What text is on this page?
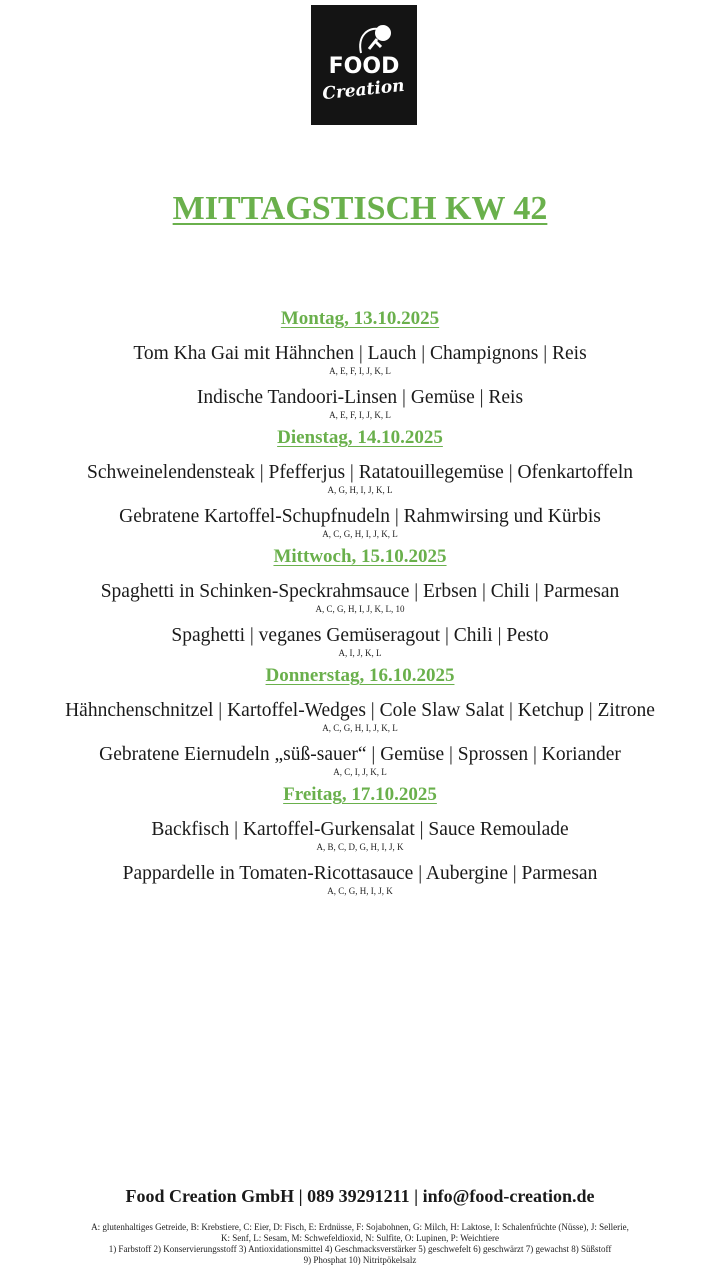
FOOD
Creation
MITTAGSTISCH KW 42
Montag, 13.10.2025
Tom Kha Gai mit Hähnchen | Lauch | Champignons | Reis
A, E, F, I, J, K, L
Indische Tandoori-Linsen | Gemüse | Reis
A, E, F, I, J, K, L
Dienstag, 14.10.2025
Schweinelendensteak | Pfefferjus | Ratatouillegemüse | Ofenkartoffeln
A, G, H, I, J, K, L
Gebratene Kartoffel-Schupfnudeln | Rahmwirsing und Kürbis
A, C, G, H, I, J, K, L
Mittwoch, 15.10.2025
Spaghetti in Schinken-Speckrahmsauce | Erbsen | Chili | Parmesan
A, C, G, H, I, J, K, L, 10
Spaghetti | veganes Gemüseragout | Chili | Pesto
A, I, J, K, L
Donnerstag, 16.10.2025
Hähnchenschnitzel | Kartoffel-Wedges | Cole Slaw Salat | Ketchup | Zitrone
A, C, G, H, I, J, K, L
Gebratene Eiernudeln „süß-sauer“ | Gemüse | Sprossen | Koriander
A, C, I, J, K, L
Freitag, 17.10.2025
Backfisch | Kartoffel-Gurkensalat | Sauce Remoulade
A, B, C, D, G, H, I, J, K
Pappardelle in Tomaten-Ricottasauce | Aubergine | Parmesan
A, C, G, H, I, J, K
Food Creation GmbH | 089 39291211 | info@food-creation.de
A: glutenhaltiges Getreide, B: Krebstiere, C: Eier, D: Fisch, E: Erdnüsse, F: Sojabohnen, G: Milch, H: Laktose, I: Schalenfrüchte (Nüsse), J: Sellerie,
K: Senf, L: Sesam, M: Schwefeldioxid, N: Sulfite, O: Lupinen, P: Weichtiere
1) Farbstoff 2) Konservierungsstoff 3) Antioxidationsmittel 4) Geschmacksverstärker 5) geschwefelt 6) geschwärzt 7) gewachst 8) Süßstoff
9) Phosphat 10) Nitritpökelsalz
